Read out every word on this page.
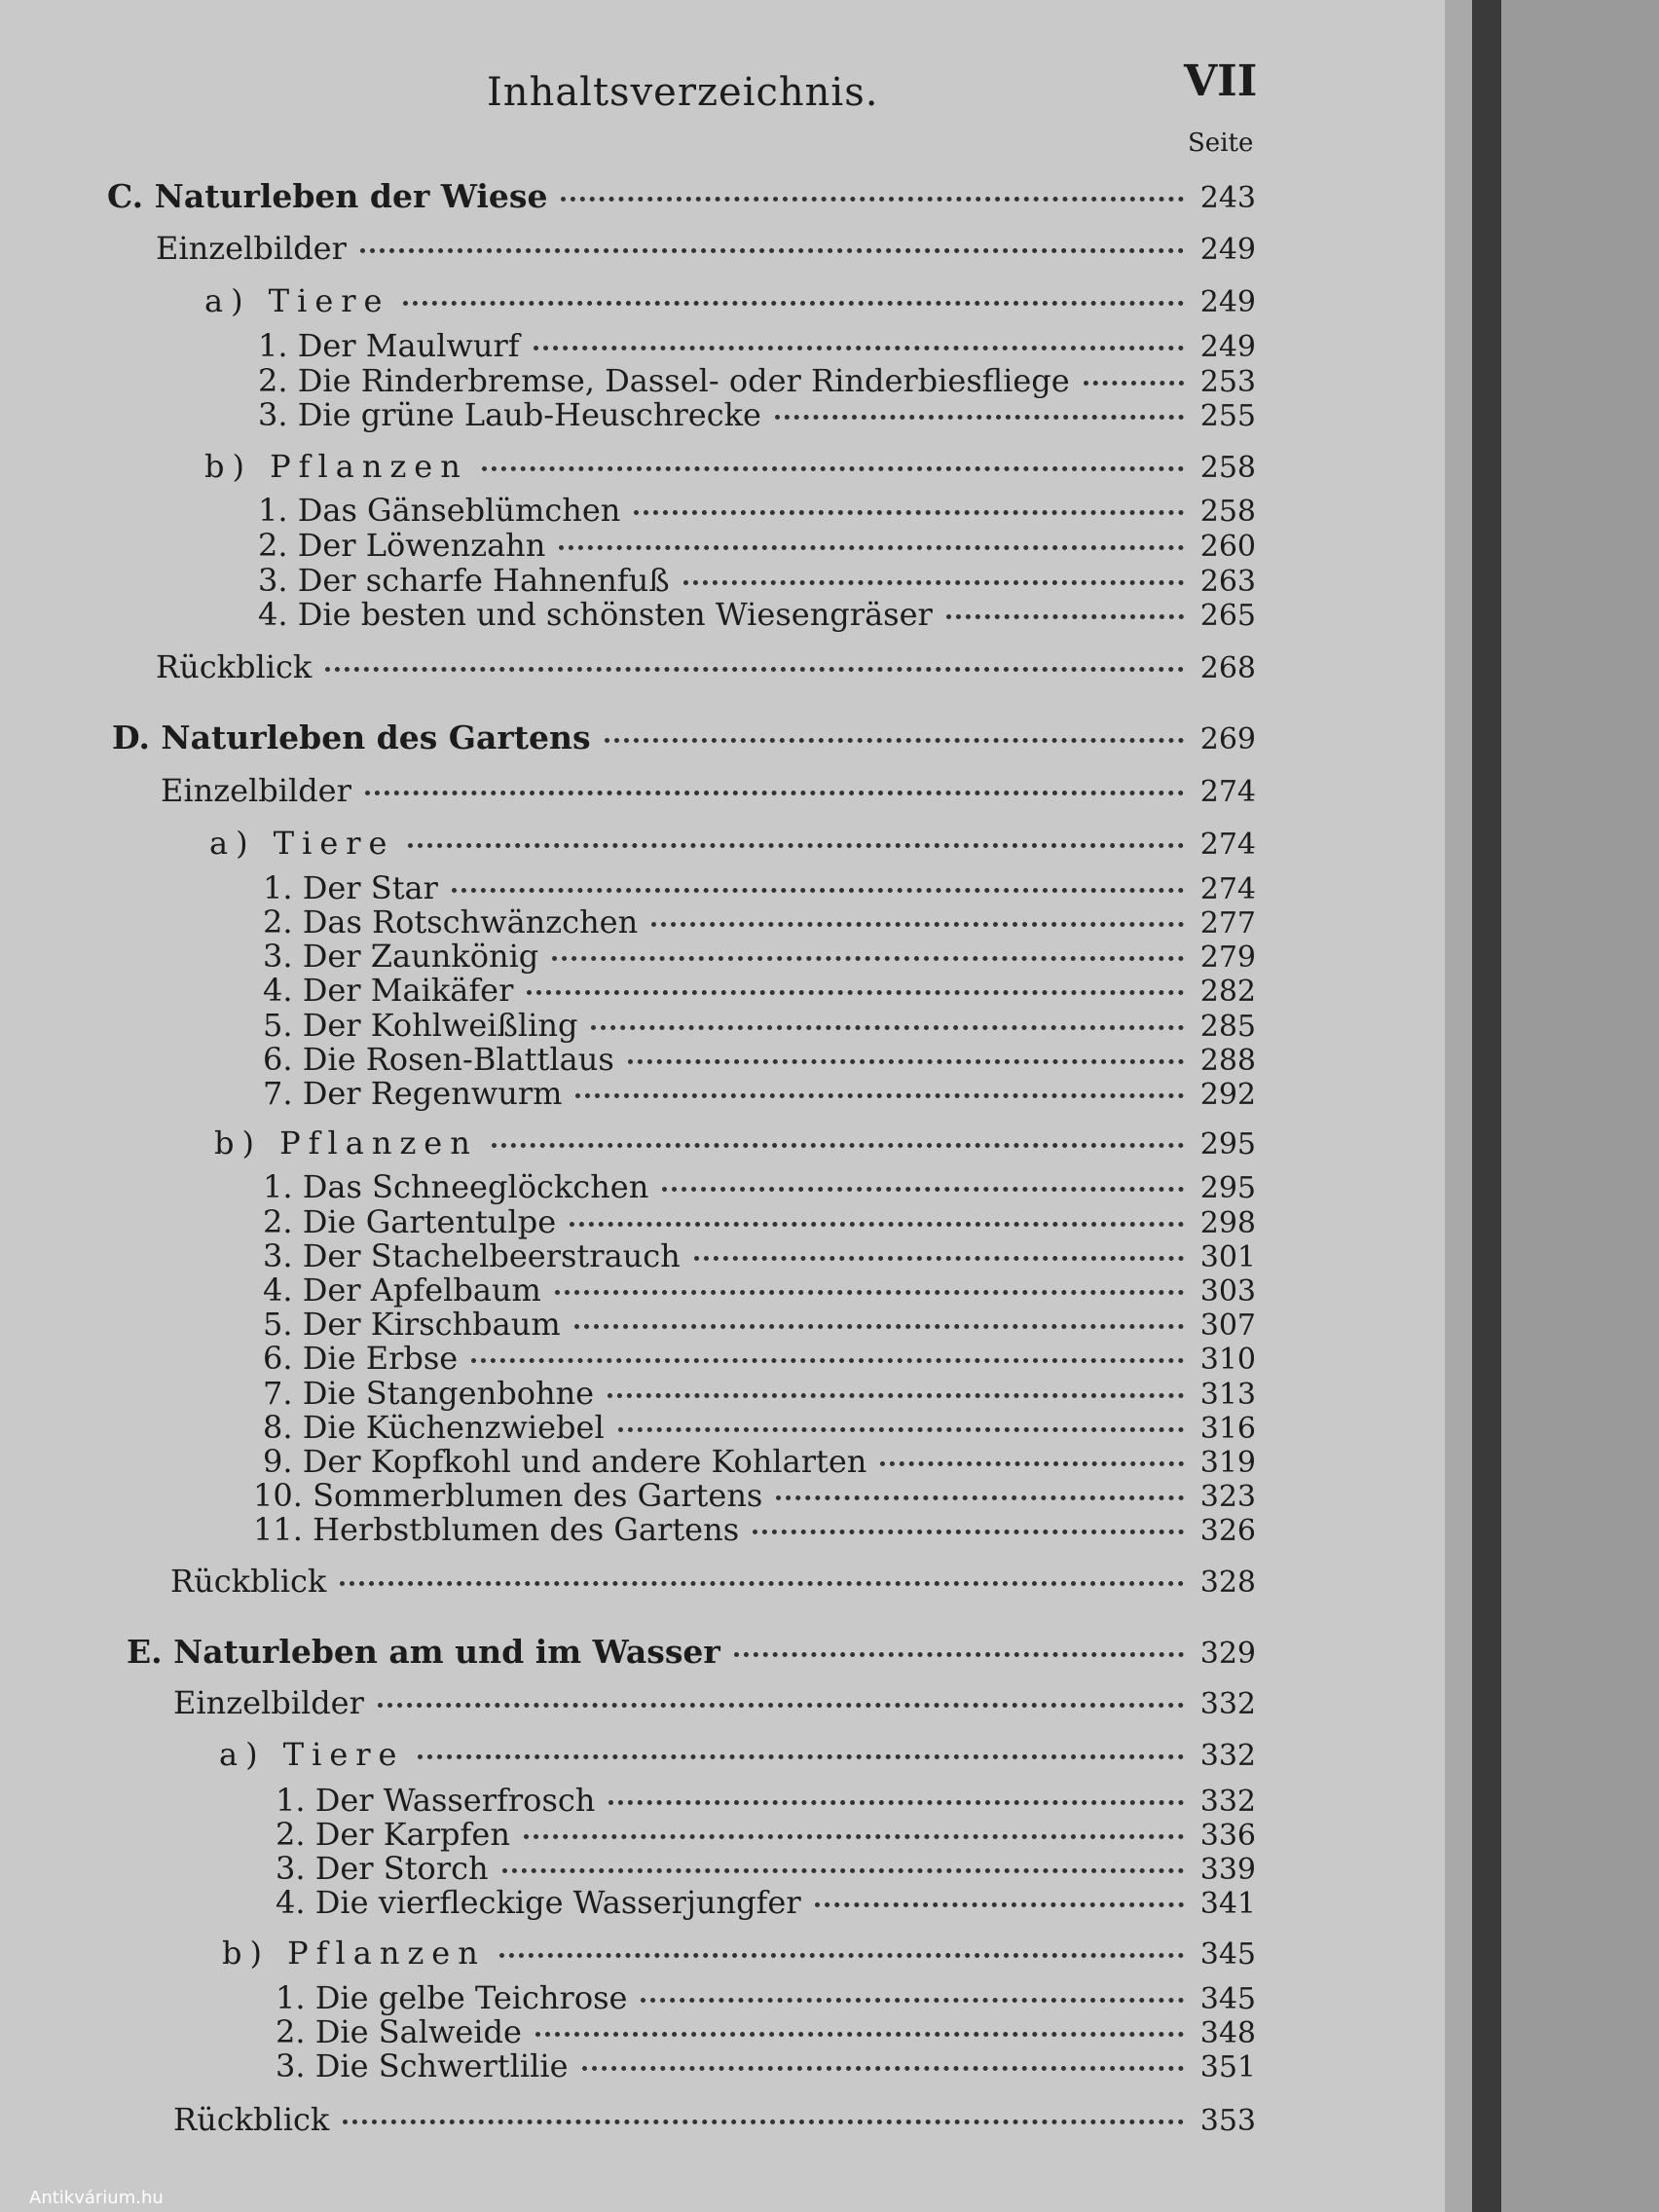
Inhaltsverzeichnis.	VII
Seite
C. Naturleben der Wiese	243
Einzelbilder	249
a) Tiere	249
1. Der Maulwurf	249
2. Die Rinderbremse, Dassel- oder Rinderbiesfliege	253
3. Die grüne Laub-Heuschrecke	255
b) Pflanzen	258
1. Das Gänseblümchen	258
2. Der Löwenzahn	260
3. Der scharfe Hahnenfuß	263
4. Die besten und schönsten Wiesengräser	265
Rückblick	268
D. Naturleben des Gartens	269
Einzelbilder	274
a) Tiere	274
1. Der Star	274
2. Das Rotschwänzchen	277
3. Der Zaunkönig	279
4. Der Maikäfer	282
5. Der Kohlweißling	285
6. Die Rosen-Blattlaus	288
7. Der Regenwurm	292
b) Pflanzen	295
1. Das Schneeglöckchen	295
2. Die Gartentulpe	298
3. Der Stachelbeerstrauch	301
4. Der Apfelbaum	303
5. Der Kirschbaum	307
6. Die Erbse	310
7. Die Stangenbohne	313
8. Die Küchenzwiebel	316
9. Der Kopfkohl und andere Kohlarten	319
10. Sommerblumen des Gartens	323
11. Herbstblumen des Gartens	326
Rückblick	328
E. Naturleben am und im Wasser	329
Einzelbilder	332
a) Tiere	332
1. Der Wasserfrosch	332
2. Der Karpfen	336
3. Der Storch	339
4. Die vierfleckige Wasserjungfer	341
b) Pflanzen	345
1. Die gelbe Teichrose	345
2. Die Salweide	348
3. Die Schwertlilie	351
Rückblick	353
Antikvárium.hu
